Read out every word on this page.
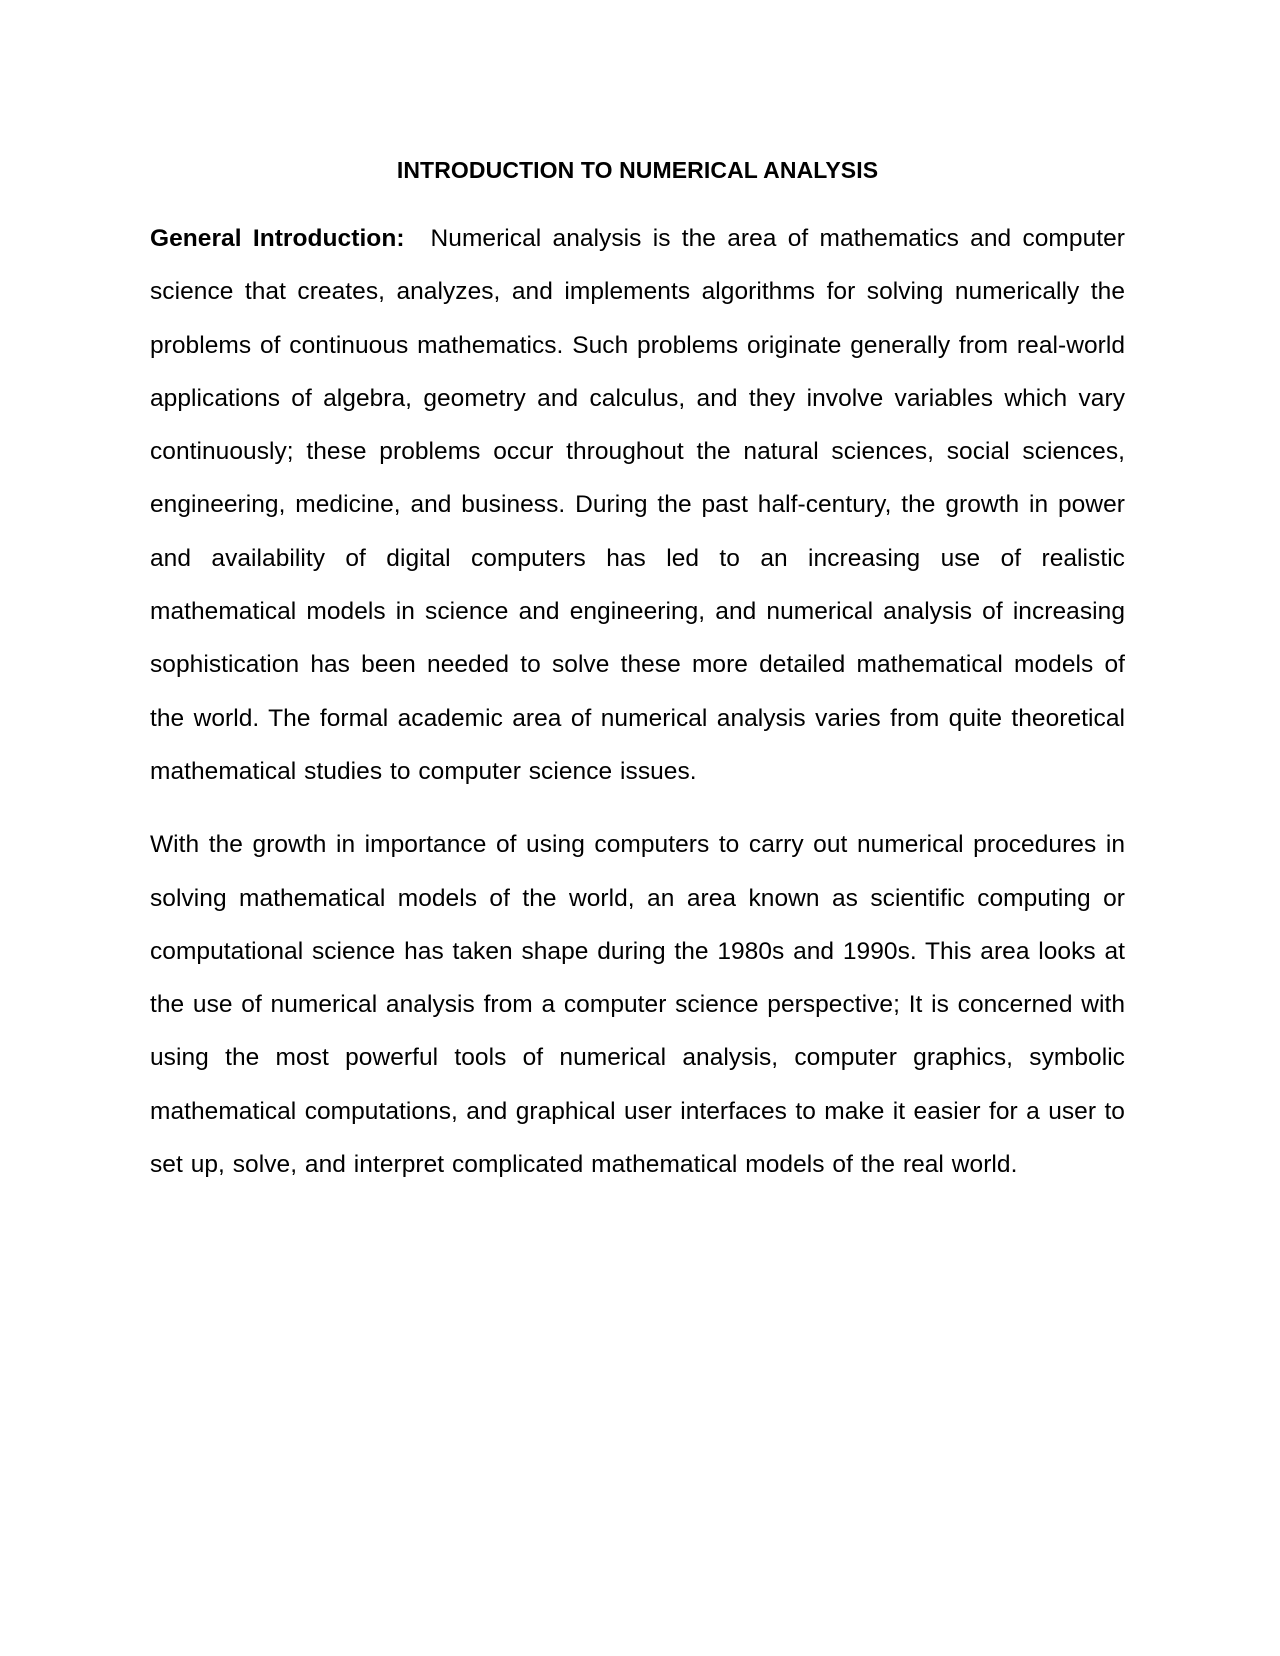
INTRODUCTION TO NUMERICAL ANALYSIS

General Introduction: Numerical analysis is the area of mathematics and computer science that creates, analyzes, and implements algorithms for solving numerically the problems of continuous mathematics. Such problems originate generally from real-world applications of algebra, geometry and calculus, and they involve variables which vary continuously; these problems occur throughout the natural sciences, social sciences, engineering, medicine, and business. During the past half-century, the growth in power and availability of digital computers has led to an increasing use of realistic mathematical models in science and engineering, and numerical analysis of increasing sophistication has been needed to solve these more detailed mathematical models of the world. The formal academic area of numerical analysis varies from quite theoretical mathematical studies to computer science issues.

With the growth in importance of using computers to carry out numerical procedures in solving mathematical models of the world, an area known as scientific computing or computational science has taken shape during the 1980s and 1990s. This area looks at the use of numerical analysis from a computer science perspective; It is concerned with using the most powerful tools of numerical analysis, computer graphics, symbolic mathematical computations, and graphical user interfaces to make it easier for a user to set up, solve, and interpret complicated mathematical models of the real world.
